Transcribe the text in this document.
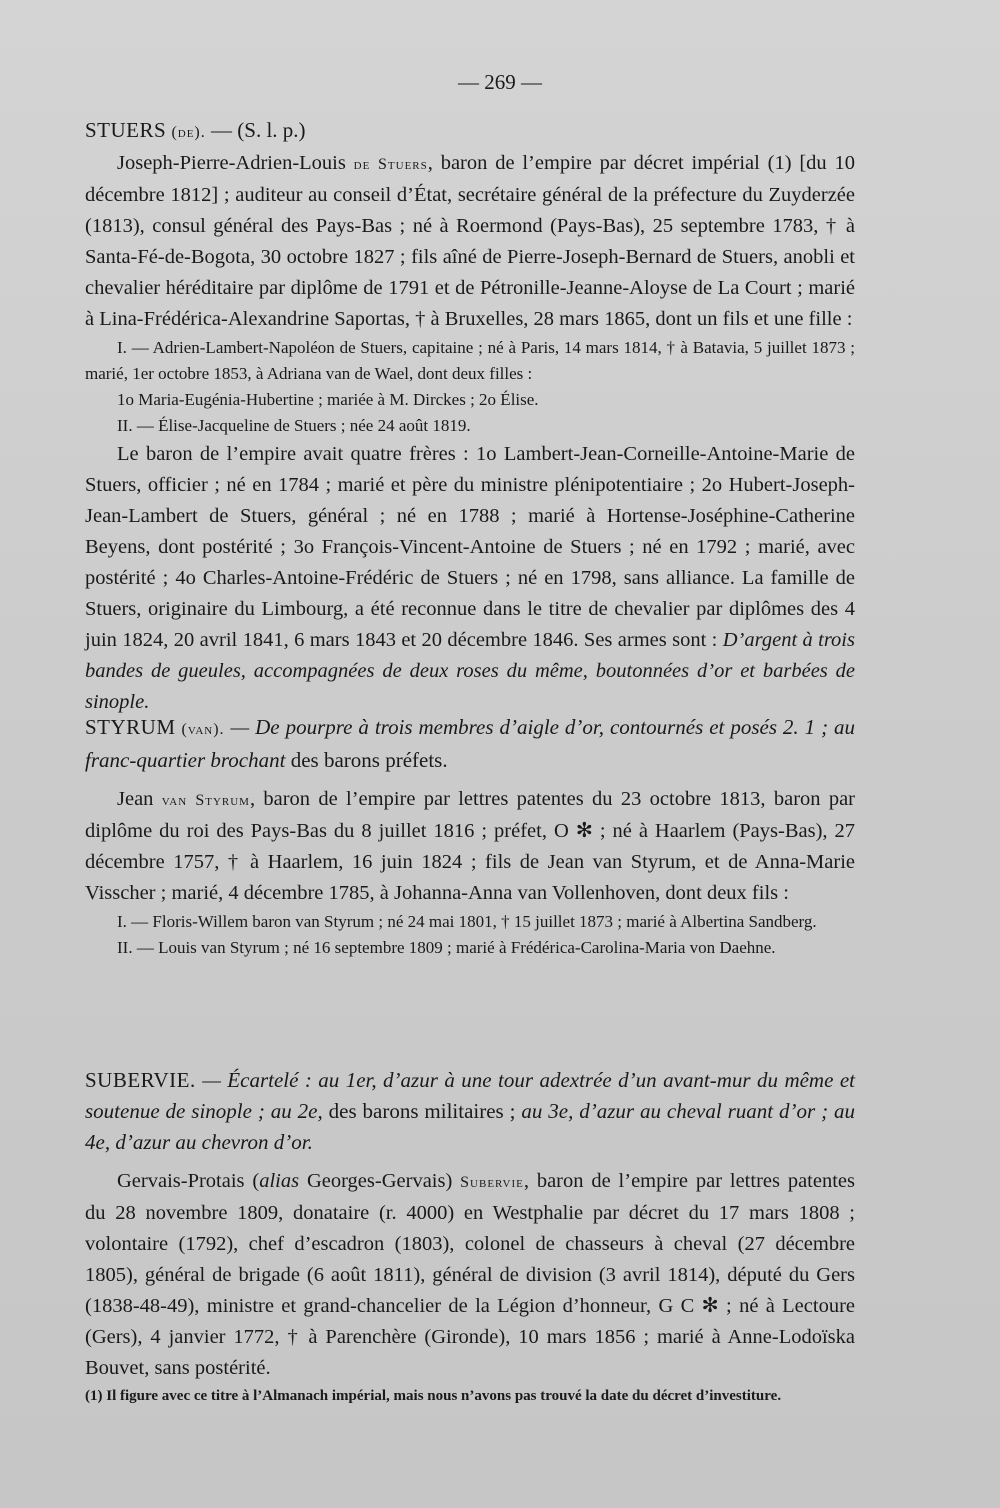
— 269 —

STUERS (de). — (S. l. p.)

Joseph-Pierre-Adrien-Louis de Stuers, baron de l’empire par décret impérial (1) [du 10 décembre 1812] ; auditeur au conseil d’État, secrétaire général de la préfecture du Zuyderzée (1813), consul général des Pays-Bas ; né à Roermond (Pays-Bas), 25 septembre 1783, † à Santa-Fé-de-Bogota, 30 octobre 1827 ; fils aîné de Pierre-Joseph-Bernard de Stuers, anobli et chevalier héréditaire par diplôme de 1791 et de Pétronille-Jeanne-Aloyse de La Court ; marié à Lina-Frédérica-Alexandrine Saportas, † à Bruxelles, 28 mars 1865, dont un fils et une fille :

I. — Adrien-Lambert-Napoléon de Stuers, capitaine ; né à Paris, 14 mars 1814, † à Batavia, 5 juillet 1873 ; marié, 1er octobre 1853, à Adriana van de Wael, dont deux filles :

1o Maria-Eugénia-Hubertine ; mariée à M. Dirckes ; 2o Élise.

II. — Élise-Jacqueline de Stuers ; née 24 août 1819.

Le baron de l’empire avait quatre frères : 1o Lambert-Jean-Corneille-Antoine-Marie de Stuers, officier ; né en 1784 ; marié et père du ministre plénipotentiaire ; 2o Hubert-Joseph-Jean-Lambert de Stuers, général ; né en 1788 ; marié à Hortense-Joséphine-Catherine Beyens, dont postérité ; 3o François-Vincent-Antoine de Stuers ; né en 1792 ; marié, avec postérité ; 4o Charles-Antoine-Frédéric de Stuers ; né en 1798, sans alliance. La famille de Stuers, originaire du Limbourg, a été reconnue dans le titre de chevalier par diplômes des 4 juin 1824, 20 avril 1841, 6 mars 1843 et 20 décembre 1846. Ses armes sont : D’argent à trois bandes de gueules, accompagnées de deux roses du même, boutonnées d’or et barbées de sinople.

STYRUM (van). — De pourpre à trois membres d’aigle d’or, contournés et posés 2. 1 ; au franc-quartier brochant des barons préfets.

Jean van Styrum, baron de l’empire par lettres patentes du 23 octobre 1813, baron par diplôme du roi des Pays-Bas du 8 juillet 1816 ; préfet, O ✻ ; né à Haarlem (Pays-Bas), 27 décembre 1757, † à Haarlem, 16 juin 1824 ; fils de Jean van Styrum, et de Anna-Marie Visscher ; marié, 4 décembre 1785, à Johanna-Anna van Vollenhoven, dont deux fils :

I. — Floris-Willem baron van Styrum ; né 24 mai 1801, † 15 juillet 1873 ; marié à Albertina Sandberg.

II. — Louis van Styrum ; né 16 septembre 1809 ; marié à Frédérica-Carolina-Maria von Daehne.

SUBERVIE. — Écartelé : au 1er, d’azur à une tour adextrée d’un avant-mur du même et soutenue de sinople ; au 2e, des barons militaires ; au 3e, d’azur au cheval ruant d’or ; au 4e, d’azur au chevron d’or.

Gervais-Protais (alias Georges-Gervais) Subervie, baron de l’empire par lettres patentes du 28 novembre 1809, donataire (r. 4000) en Westphalie par décret du 17 mars 1808 ; volontaire (1792), chef d’escadron (1803), colonel de chasseurs à cheval (27 décembre 1805), général de brigade (6 août 1811), général de division (3 avril 1814), député du Gers (1838-48-49), ministre et grand-chancelier de la Légion d’honneur, G C ✻ ; né à Lectoure (Gers), 4 janvier 1772, † à Parenchère (Gironde), 10 mars 1856 ; marié à Anne-Lodoïska Bouvet, sans postérité.

(1) Il figure avec ce titre à l’Almanach impérial, mais nous n’avons pas trouvé la date du décret d’investiture.
